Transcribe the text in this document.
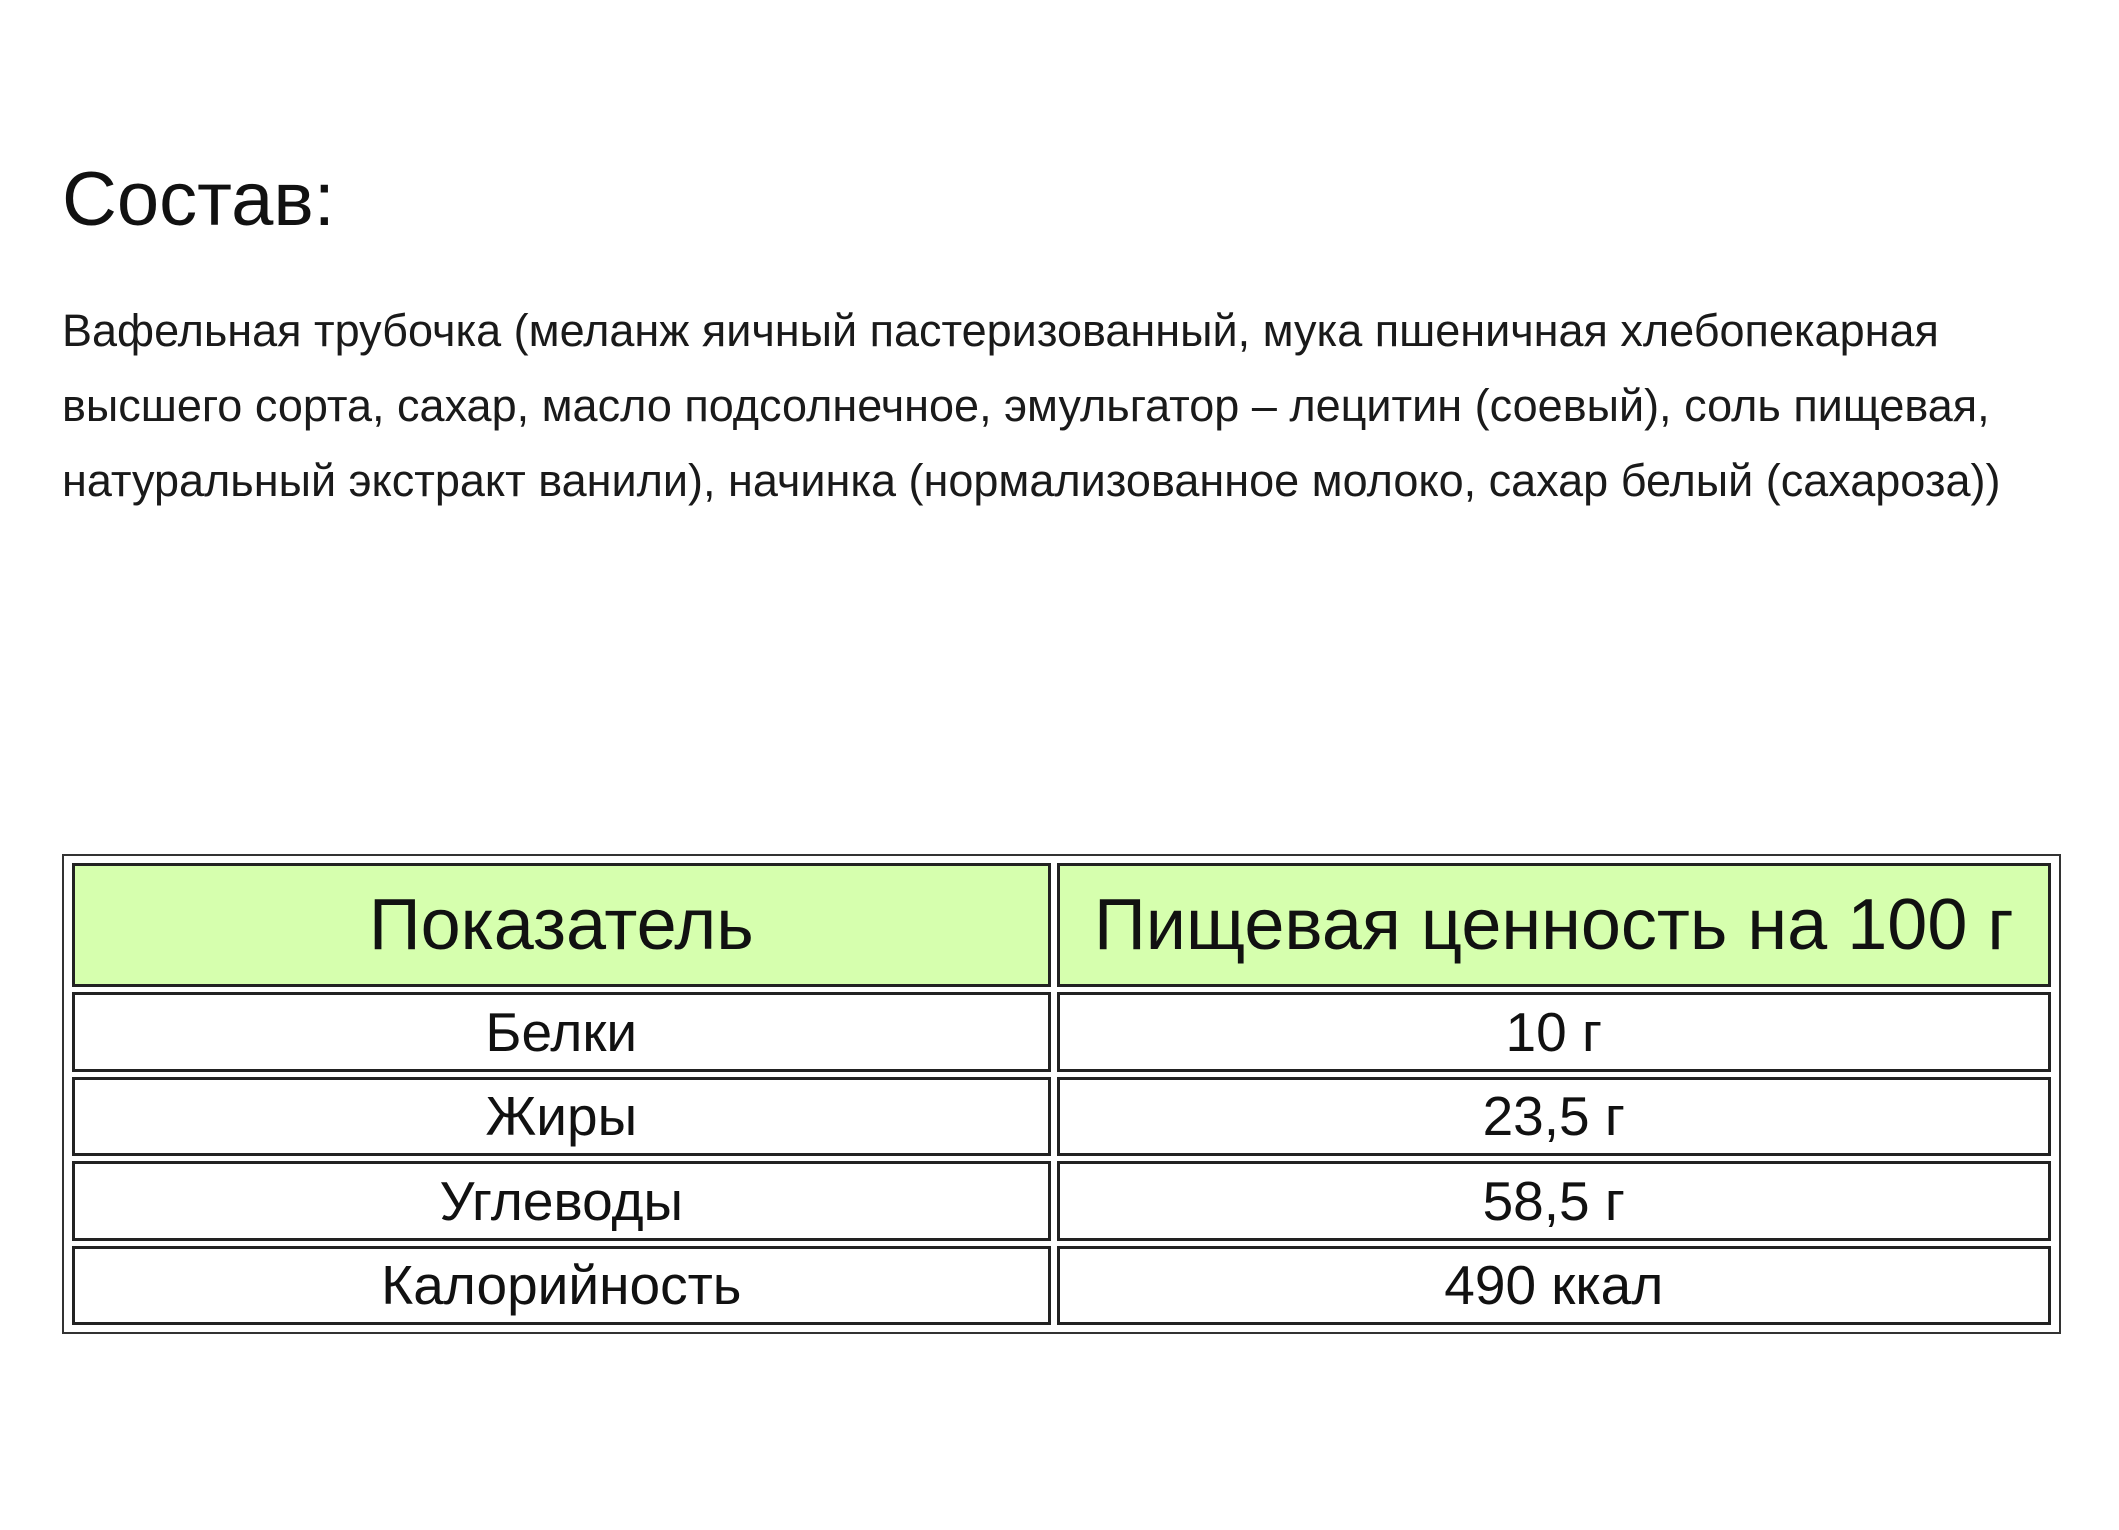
Состав:

Вафельная трубочка (меланж яичный пастеризованный, мука пшеничная хлебопекарная высшего сорта, сахар, масло подсолнечное, эмульгатор – лецитин (соевый), соль пищевая, натуральный экстракт ванили), начинка (нормализованное молоко, сахар белый (сахароза))

Показатель	Пищевая ценность на 100 г
Белки	10 г
Жиры	23,5 г
Углеводы	58,5 г
Калорийность	490 ккал
